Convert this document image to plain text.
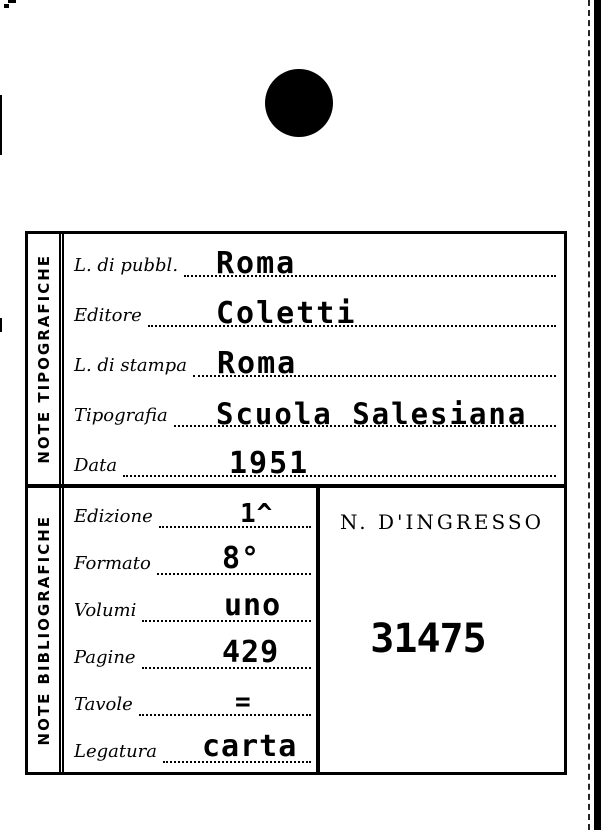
NOTE TIPOGRAFICHE L. di pubbl. Roma
Editore Coletti
L. di stampa Roma
Tipografia Scuola Salesiana
Data	1951
NOTE BIBLIOGRAFICHE Edizione	1^
Formato 8°
Volumi	uno
Pagine	429
Tavole	=
Legatura carta
N. D'INGRESSO
31475
